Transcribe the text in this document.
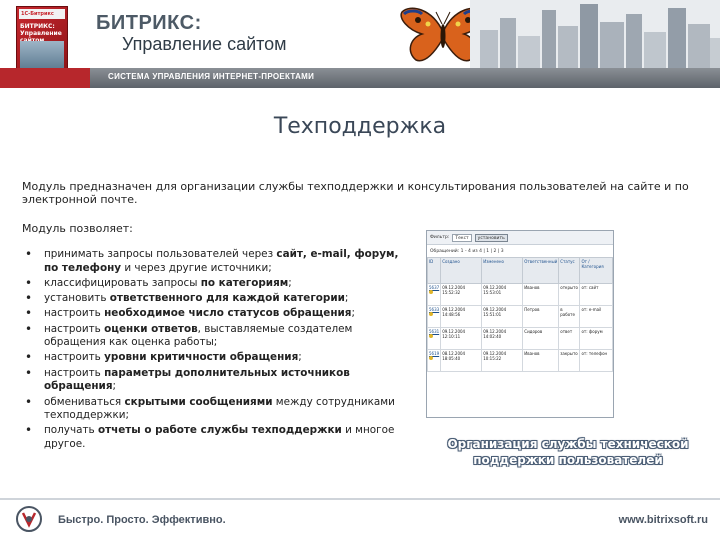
1С-Битрикс
БИТРИКС:
Управление БИТРИКС:
Управление сайтом
СИСТЕМА УПРАВЛЕНИЯ ИНТЕРНЕТ-ПРОЕКТАМИ
Техподдержка
Модуль предназначен для организации службы техподдержки и консультирования пользователей на сайте и по электронной почте.
Модуль позволяет:
• принимать запросы пользователей через сайт, e-mail, форум, по телефону и через другие источники;
• классифицировать запросы по категориям;
• установить ответственного для каждой категории;
• настроить необходимое число статусов обращения;
• настроить оценки ответов, выставляемые создателем обращения как оценка работы;
• настроить уровни критичности обращения;
• настроить параметры дополнительных источников обращения;
• обмениваться скрытыми сообщениями между сотрудниками техподдержки;
• получать отчеты о работе службы техподдержки и многое другое.
Фильтр:	Текст	установить
Обращений: 1 - 4 из 4 | 1 | 2 | 3
ID	Создано	Изменено	Ответственный	Статус	От / Категория
5637	09.12.2004 15:52:32	09.12.2004 15:53:01	Иванов	открыто	от: сайт
5633	09.12.2004 14:48:56	09.12.2004 15:51:01	Петров	в работе	от: e-mail
5631	09.12.2004 12:10:11	09.12.2004 14:02:40	Сидоров	ответ	от: форум
5619	08.12.2004 18:05:40	09.12.2004 10:15:22	Иванов	закрыто	от: телефон
Организация службы технической поддержки пользователей
Быстро. Просто. Эффективно.	www.bitrixsoft.ru
